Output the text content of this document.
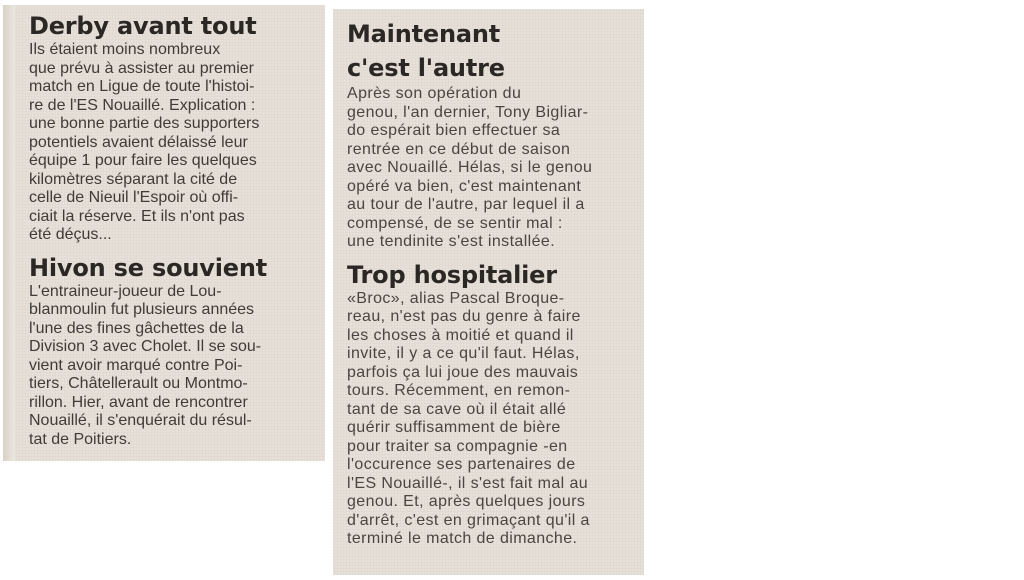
Derby avant tout

Ils étaient moins nombreux
que prévu à assister au premier
match en Ligue de toute l'histoi-
re de l'ES Nouaillé. Explication :
une bonne partie des supporters
potentiels avaient délaissé leur
équipe 1 pour faire les quelques
kilomètres séparant la cité de
celle de Nieuil l'Espoir où offi-
ciait la réserve. Et ils n'ont pas
été déçus...

Hivon se souvient

L'entraineur-joueur de Lou-
blanmoulin fut plusieurs années
l'une des fines gâchettes de la
Division 3 avec Cholet. Il se sou-
vient avoir marqué contre Poi-
tiers, Châtellerault ou Montmo-
rillon. Hier, avant de rencontrer
Nouaillé, il s'enquérait du résul-
tat de Poitiers.

Maintenant
c'est l'autre

Après son opération du
genou, l'an dernier, Tony Bigliar-
do espérait bien effectuer sa
rentrée en ce début de saison
avec Nouaillé. Hélas, si le genou
opéré va bien, c'est maintenant
au tour de l'autre, par lequel il a
compensé, de se sentir mal :
une tendinite s'est installée.

Trop hospitalier

«Broc», alias Pascal Broque-
reau, n'est pas du genre à faire
les choses à moitié et quand il
invite, il y a ce qu'il faut. Hélas,
parfois ça lui joue des mauvais
tours. Récemment, en remon-
tant de sa cave où il était allé
quérir suffisamment de bière
pour traiter sa compagnie -en
l'occurence ses partenaires de
l'ES Nouaillé-, il s'est fait mal au
genou. Et, après quelques jours
d'arrêt, c'est en grimaçant qu'il a
terminé le match de dimanche.
